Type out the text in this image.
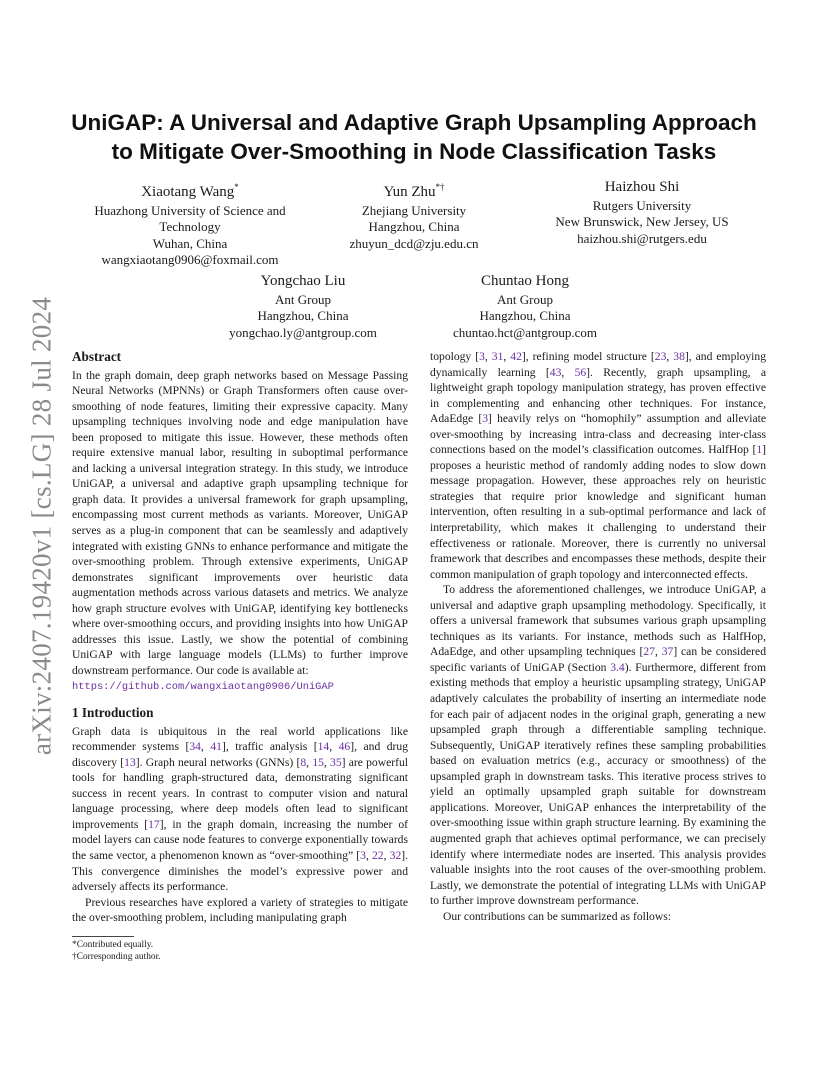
arXiv:2407.19420v1 [cs.LG] 28 Jul 2024
UniGAP: A Universal and Adaptive Graph Upsampling Approach
to Mitigate Over-Smoothing in Node Classification Tasks
Xiaotang Wang*
Huazhong University of Science and
Technology
Wuhan, China
wangxiaotang0906@foxmail.com
Yun Zhu*†
Zhejiang University
Hangzhou, China
zhuyun_dcd@zju.edu.cn
Haizhou Shi
Rutgers University
New Brunswick, New Jersey, US
haizhou.shi@rutgers.edu
Yongchao Liu
Ant Group
Hangzhou, China
yongchao.ly@antgroup.com
Chuntao Hong
Ant Group
Hangzhou, China
chuntao.hct@antgroup.com
Abstract

In the graph domain, deep graph networks based on Message Passing Neural Networks (MPNNs) or Graph Transformers often cause over-smoothing of node features, limiting their expressive capacity. Many upsampling techniques involving node and edge manipulation have been proposed to mitigate this issue. However, these methods often require extensive manual labor, resulting in suboptimal performance and lacking a universal integration strategy. In this study, we introduce UniGAP, a universal and adaptive graph upsampling technique for graph data. It provides a universal framework for graph upsampling, encompassing most current methods as variants. Moreover, UniGAP serves as a plug-in component that can be seamlessly and adaptively integrated with existing GNNs to enhance performance and mitigate the over-smoothing problem. Through extensive experiments, UniGAP demonstrates significant improvements over heuristic data augmentation methods across various datasets and metrics. We analyze how graph structure evolves with UniGAP, identifying key bottlenecks where over-smoothing occurs, and providing insights into how UniGAP addresses this issue. Lastly, we show the potential of combining UniGAP with large language models (LLMs) to further improve downstream performance. Our code is available at:
https://github.com/wangxiaotang0906/UniGAP

1 Introduction

Graph data is ubiquitous in the real world applications like recommender systems [34, 41], traffic analysis [14, 46], and drug discovery [13]. Graph neural networks (GNNs) [8, 15, 35] are powerful tools for handling graph-structured data, demonstrating significant success in recent years. In contrast to computer vision and natural language processing, where deep models often lead to significant improvements [17], in the graph domain, increasing the number of model layers can cause node features to converge exponentially towards the same vector, a phenomenon known as “over-smoothing” [3, 22, 32]. This convergence diminishes the model’s expressive power and adversely affects its performance.

Previous researches have explored a variety of strategies to mitigate the over-smoothing problem, including manipulating graph

topology [3, 31, 42], refining model structure [23, 38], and employing dynamically learning [43, 56]. Recently, graph upsampling, a lightweight graph topology manipulation strategy, has proven effective in complementing and enhancing other techniques. For instance, AdaEdge [3] heavily relys on “homophily” assumption and alleviate over-smoothing by increasing intra-class and decreasing inter-class connections based on the model’s classification outcomes. HalfHop [1] proposes a heuristic method of randomly adding nodes to slow down message propagation. However, these approaches rely on heuristic strategies that require prior knowledge and significant human intervention, often resulting in a sub-optimal performance and lack of interpretability, which makes it challenging to understand their effectiveness or rationale. Moreover, there is currently no universal framework that describes and encompasses these methods, despite their common manipulation of graph topology and interconnected effects.

To address the aforementioned challenges, we introduce UniGAP, a universal and adaptive graph upsampling methodology. Specifically, it offers a universal framework that subsumes various graph upsampling techniques as its variants. For instance, methods such as HalfHop, AdaEdge, and other upsampling techniques [27, 37] can be considered specific variants of UniGAP (Section 3.4). Furthermore, different from existing methods that employ a heuristic upsampling strategy, UniGAP adaptively calculates the probability of inserting an intermediate node for each pair of adjacent nodes in the original graph, generating a new upsampled graph through a differentiable sampling technique. Subsequently, UniGAP iteratively refines these sampling probabilities based on evaluation metrics (e.g., accuracy or smoothness) of the upsampled graph in downstream tasks. This iterative process strives to yield an optimally upsampled graph suitable for downstream applications. Moreover, UniGAP enhances the interpretability of the over-smoothing issue within graph structure learning. By examining the augmented graph that achieves optimal performance, we can precisely identify where intermediate nodes are inserted. This analysis provides valuable insights into the root causes of the over-smoothing problem. Lastly, we demonstrate the potential of integrating LLMs with UniGAP to further improve downstream performance.

Our contributions can be summarized as follows:

*Contributed equally.
†Corresponding author.
